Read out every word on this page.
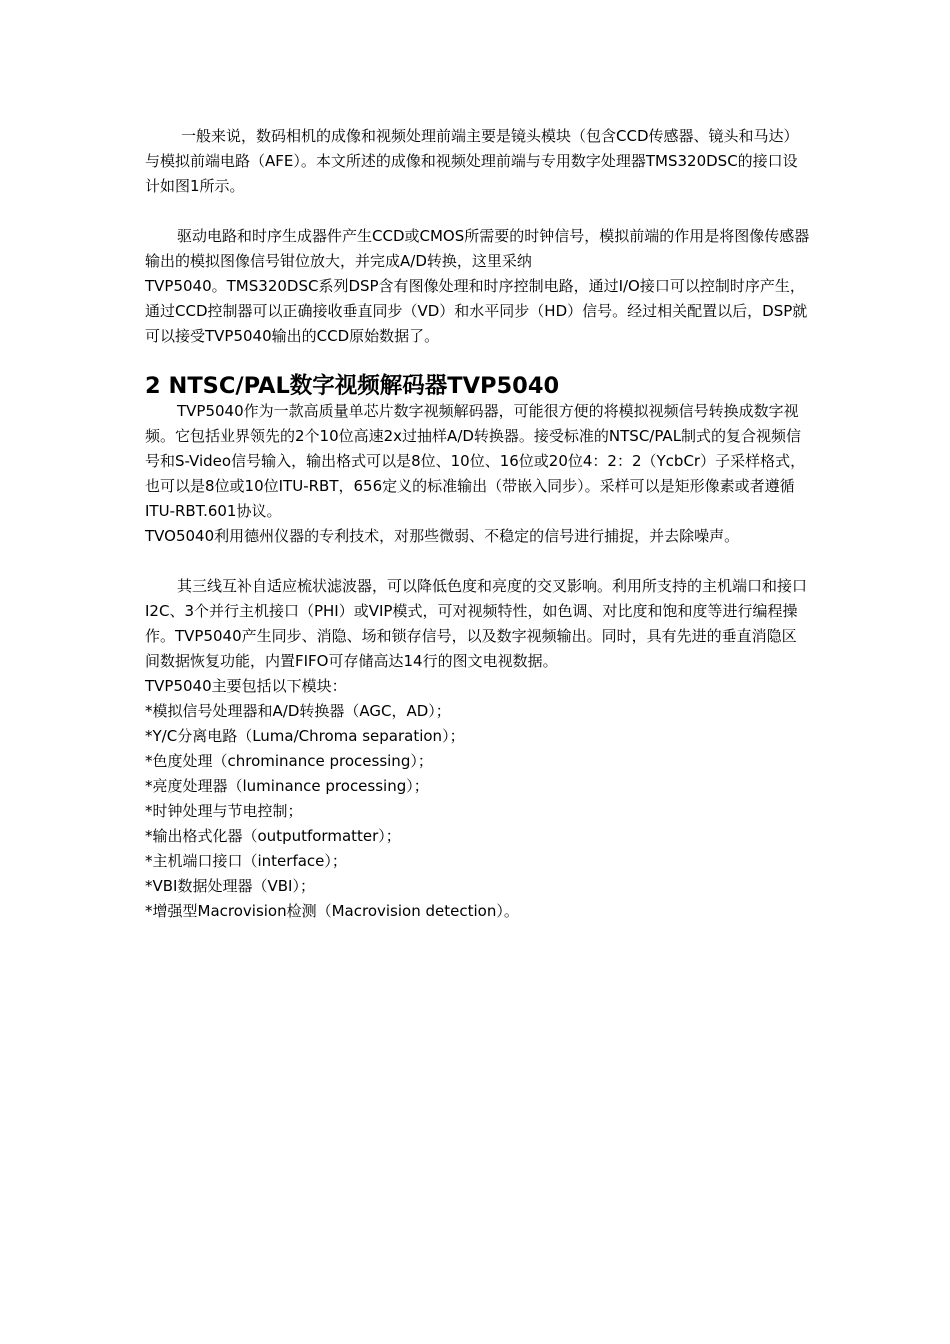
一般来说，数码相机的成像和视频处理前端主要是镜头模块（包含CCD传感器、镜头和马达）与模拟前端电路（AFE）。本文所述的成像和视频处理前端与专用数字处理器TMS320DSC的接口设计如图1所示。

驱动电路和时序生成器件产生CCD或CMOS所需要的时钟信号，模拟前端的作用是将图像传感器输出的模拟图像信号钳位放大，并完成A/D转换，这里采纳

TVP5040。TMS320DSC系列DSP含有图像处理和时序控制电路，通过I/O接口可以控制时序产生，通过CCD控制器可以正确接收垂直同步（VD）和水平同步（HD）信号。经过相关配置以后，DSP就可以接受TVP5040输出的CCD原始数据了。

2 NTSC/PAL数字视频解码器TVP5040

TVP5040作为一款高质量单芯片数字视频解码器，可能很方便的将模拟视频信号转换成数字视频。它包括业界领先的2个10位高速2x过抽样A/D转换器。接受标准的NTSC/PAL制式的复合视频信号和S-Video信号输入，输出格式可以是8位、10位、16位或20位4：2：2（YcbCr）子采样格式，也可以是8位或10位ITU-RBT，656定义的标准输出（带嵌入同步）。采样可以是矩形像素或者遵循ITU-RBT.601协议。

TVO5040利用德州仪器的专利技术，对那些微弱、不稳定的信号进行捕捉，并去除噪声。

其三线互补自适应梳状滤波器，可以降低色度和亮度的交叉影响。利用所支持的主机端口和接口I2C、3个并行主机接口（PHI）或VIP模式，可对视频特性，如色调、对比度和饱和度等进行编程操作。TVP5040产生同步、消隐、场和锁存信号，以及数字视频输出。同时，具有先进的垂直消隐区间数据恢复功能，内置FIFO可存储高达14行的图文电视数据。

TVP5040主要包括以下模块：

*模拟信号处理器和A/D转换器（AGC，AD）；
*Y/C分离电路（Luma/Chroma separation）；
*色度处理（chrominance processing）；
*亮度处理器（luminance processing）；
*时钟处理与节电控制；
*输出格式化器（outputformatter）；
*主机端口接口（interface）；
*VBI数据处理器（VBI）；
*增强型Macrovision检测（Macrovision detection）。
